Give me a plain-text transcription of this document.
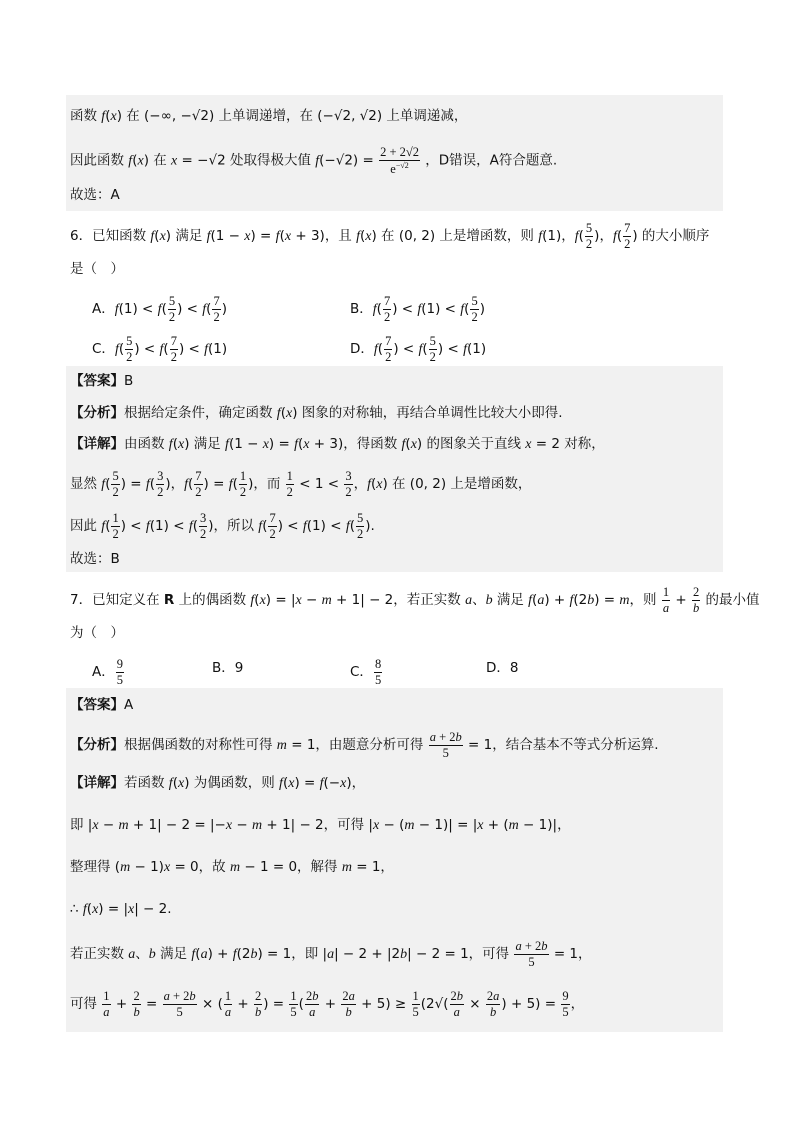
函数 f(x) 在 (−∞, −√2) 上单调递增，在 (−√2, √2) 上单调递减，
因此函数 f(x) 在 x = −√2 处取得极大值 $f(-√2) = \frac{2 + 2√2}{e^{-√2}}$ ，D错误，A符合题意.
故选：A
6．已知函数 f(x) 满足 f(1 − x) = f(x + 3)，且 f(x) 在 (0, 2) 上是增函数，则 f(1)，$f( \frac{5}{2}$ )，$f( \frac{7}{2}$ ) 的大小顺序
是（　）
A．$f(1) < f( \frac{5}{2}$ ) < $f( \frac{7}{2}$ )	B．$f( \frac{7}{2}$ ) < $f(1) < f( \frac{5}{2}$ )
C．$f( \frac{5}{2}$ ) < $f( \frac{7}{2}$ ) < f(1)	D．$f( \frac{7}{2}$ ) < $f( \frac{5}{2}$ ) < f(1)
【答案】B
【分析】根据给定条件，确定函数 f(x) 图象的对称轴，再结合单调性比较大小即得.
【详解】由函数 f(x) 满足 f(1 − x) = f(x + 3)，得函数 f(x) 的图象关于直线 x = 2 对称，
显然 $f( \frac{5}{2}$ ) = $f( \frac{3}{2}$ )，$f( \frac{7}{2}$ ) = $f( \frac{1}{2}$ )，而 $\frac{1}{2} < 1 < \frac{3}{2}$ ，f(x) 在 (0, 2) 上是增函数，
因此 $f( \frac{1}{2}$ ) < $f(1) < f( \frac{3}{2}$ )，所以 $f( \frac{7}{2}$ ) < $f(1) < f( \frac{5}{2}$ ).
故选：B
7．已知定义在 R 上的偶函数 f(x) = |x − m + 1| − 2，若正实数 a、b 满足 f(a) + f(2b) = m，则 $\frac{1}{a} + \frac{2}{b}$ 的最小值
为（　）
A． $\frac{9}{5}$	B．9	C． $\frac{8}{5}$	D．8
【答案】A
【分析】根据偶函数的对称性可得 m = 1，由题意分析可得 $\frac{a + 2b}{5} = 1$，结合基本不等式分析运算.
【详解】若函数 f(x) 为偶函数，则 f(x) = f(−x)，
即 |x − m + 1| − 2 = |−x − m + 1| − 2，可得 |x − (m − 1)| = |x + (m − 1)|，
整理得 (m − 1)x = 0，故 m − 1 = 0，解得 m = 1，
∴ f(x) = |x| − 2.
若正实数 a、b 满足 f(a) + f(2b) = 1，即 |a| − 2 + |2b| − 2 = 1，可得 $\frac{a + 2b}{5} = 1$，
可得 $\frac{1}{a} + \frac{2}{b} = \frac{a + 2b}{5}$ × ( $\frac{1}{a} + \frac{2}{b}$ ) = $\frac{1}{5}$ ( $\frac{2b}{a} + \frac{2a}{b} + 5) \ge \frac{1}{5} (2√( \frac{2b}{a} \times \frac{2a}{b}$ ) + $5) = \frac{9}{5}$ ，
